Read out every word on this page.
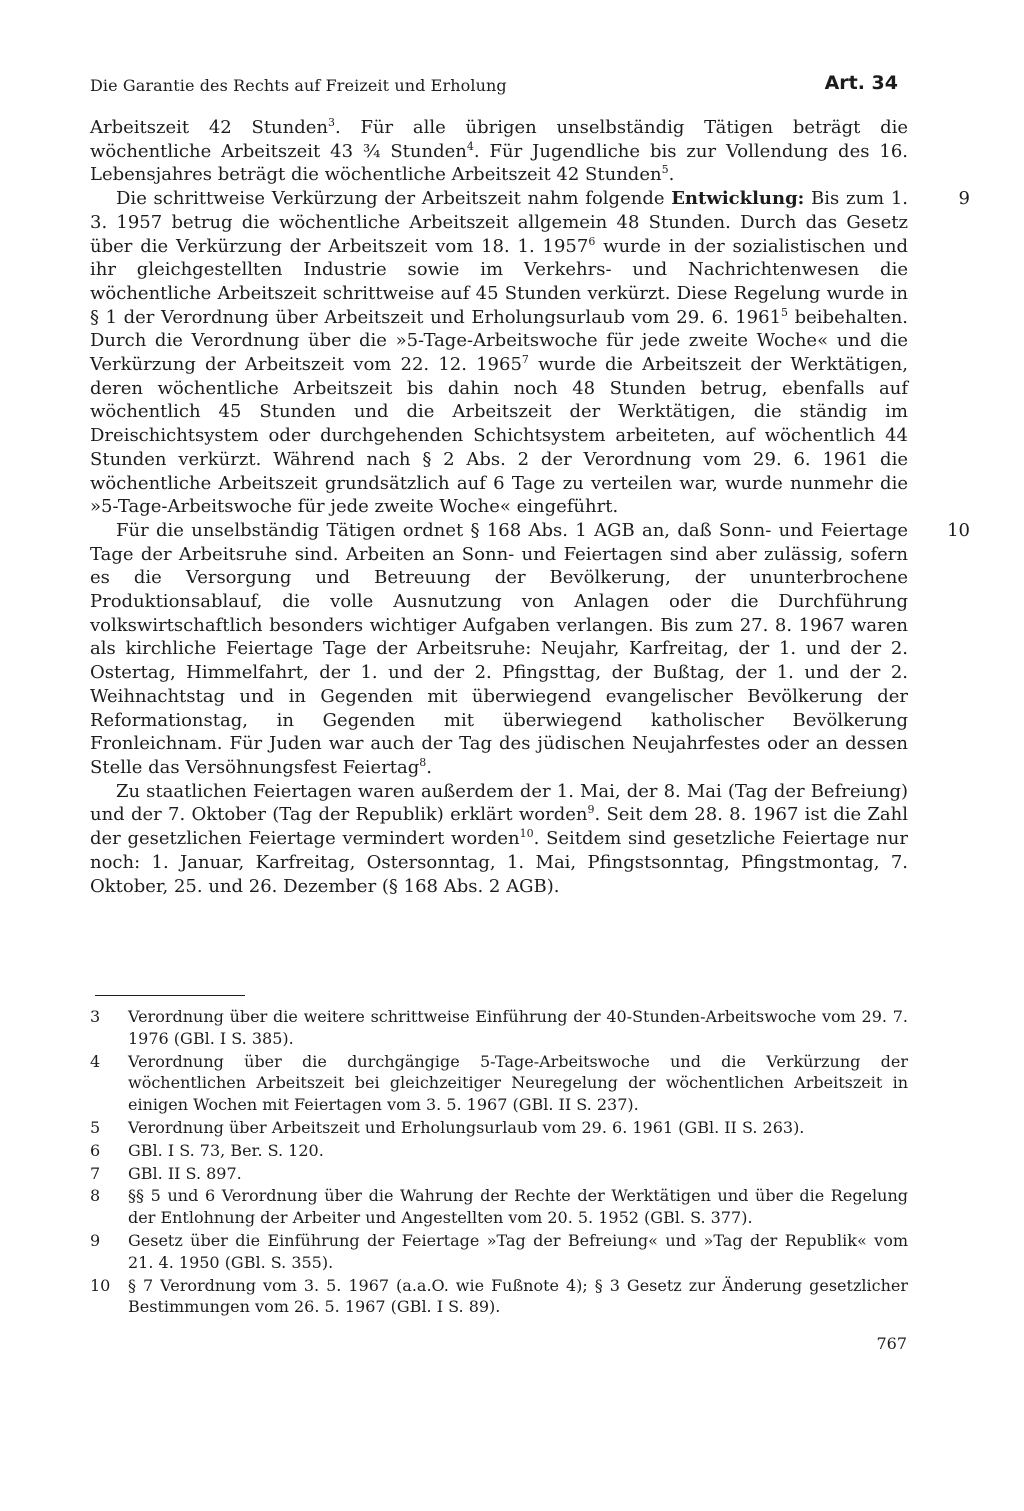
Die Garantie des Rechts auf Freizeit und Erholung	Art. 34

Arbeitszeit 42 Stunden$^3$. Für alle übrigen unselbständig Tätigen beträgt die wöchentliche Arbeitszeit 43 ¾ Stunden$^4$. Für Jugendliche bis zur Vollendung des 16. Lebensjahres beträgt die wöchentliche Arbeitszeit 42 Stunden$^5$.

9
Die schrittweise Verkürzung der Arbeitszeit nahm folgende Entwicklung: Bis zum 1. 3. 1957 betrug die wöchentliche Arbeitszeit allgemein 48 Stunden. Durch das Gesetz über die Verkürzung der Arbeitszeit vom 18. 1. 1957$^6$ wurde in der sozialistischen und ihr gleichgestellten Industrie sowie im Verkehrs- und Nachrichtenwesen die wöchentliche Arbeitszeit schrittweise auf 45 Stunden verkürzt. Diese Regelung wurde in § 1 der Verordnung über Arbeitszeit und Erholungsurlaub vom 29. 6. 1961$^5$ beibehalten. Durch die Verordnung über die »5-Tage-Arbeitswoche für jede zweite Woche« und die Verkürzung der Arbeitszeit vom 22. 12. 1965$^7$ wurde die Arbeitszeit der Werktätigen, deren wöchentliche Arbeitszeit bis dahin noch 48 Stunden betrug, ebenfalls auf wöchentlich 45 Stunden und die Arbeitszeit der Werktätigen, die ständig im Dreischichtsystem oder durchgehenden Schichtsystem arbeiteten, auf wöchentlich 44 Stunden verkürzt. Während nach § 2 Abs. 2 der Verordnung vom 29. 6. 1961 die wöchentliche Arbeitszeit grundsätzlich auf 6 Tage zu verteilen war, wurde nunmehr die »5-Tage-Arbeitswoche für jede zweite Woche« eingeführt.

10
Für die unselbständig Tätigen ordnet § 168 Abs. 1 AGB an, daß Sonn- und Feiertage Tage der Arbeitsruhe sind. Arbeiten an Sonn- und Feiertagen sind aber zulässig, sofern es die Versorgung und Betreuung der Bevölkerung, der ununterbrochene Produktionsablauf, die volle Ausnutzung von Anlagen oder die Durchführung volkswirtschaftlich besonders wichtiger Aufgaben verlangen. Bis zum 27. 8. 1967 waren als kirchliche Feiertage Tage der Arbeitsruhe: Neujahr, Karfreitag, der 1. und der 2. Ostertag, Himmelfahrt, der 1. und der 2. Pfingsttag, der Bußtag, der 1. und der 2. Weihnachtstag und in Gegenden mit überwiegend evangelischer Bevölkerung der Reformationstag, in Gegenden mit überwiegend katholischer Bevölkerung Fronleichnam. Für Juden war auch der Tag des jüdischen Neujahrfestes oder an dessen Stelle das Versöhnungsfest Feiertag$^8$.

Zu staatlichen Feiertagen waren außerdem der 1. Mai, der 8. Mai (Tag der Befreiung) und der 7. Oktober (Tag der Republik) erklärt worden$^9$. Seit dem 28. 8. 1967 ist die Zahl der gesetzlichen Feiertage vermindert worden$^{10}$. Seitdem sind gesetzliche Feiertage nur noch: 1. Januar, Karfreitag, Ostersonntag, 1. Mai, Pfingstsonntag, Pfingstmontag, 7. Oktober, 25. und 26. Dezember (§ 168 Abs. 2 AGB).

3	Verordnung über die weitere schrittweise Einführung der 40-Stunden-Arbeitswoche vom 29. 7. 1976 (GBl. I S. 385).
4	Verordnung über die durchgängige 5-Tage-Arbeitswoche und die Verkürzung der wöchentlichen Arbeitszeit bei gleichzeitiger Neuregelung der wöchentlichen Arbeitszeit in einigen Wochen mit Feiertagen vom 3. 5. 1967 (GBl. II S. 237).
5	Verordnung über Arbeitszeit und Erholungsurlaub vom 29. 6. 1961 (GBl. II S. 263).
6	GBl. I S. 73, Ber. S. 120.
7	GBl. II S. 897.
8	§§ 5 und 6 Verordnung über die Wahrung der Rechte der Werktätigen und über die Regelung der Entlohnung der Arbeiter und Angestellten vom 20. 5. 1952 (GBl. S. 377).
9	Gesetz über die Einführung der Feiertage »Tag der Befreiung« und »Tag der Republik« vom 21. 4. 1950 (GBl. S. 355).
10	§ 7 Verordnung vom 3. 5. 1967 (a.a.O. wie Fußnote 4); § 3 Gesetz zur Änderung gesetzlicher Bestimmungen vom 26. 5. 1967 (GBl. I S. 89).
767
